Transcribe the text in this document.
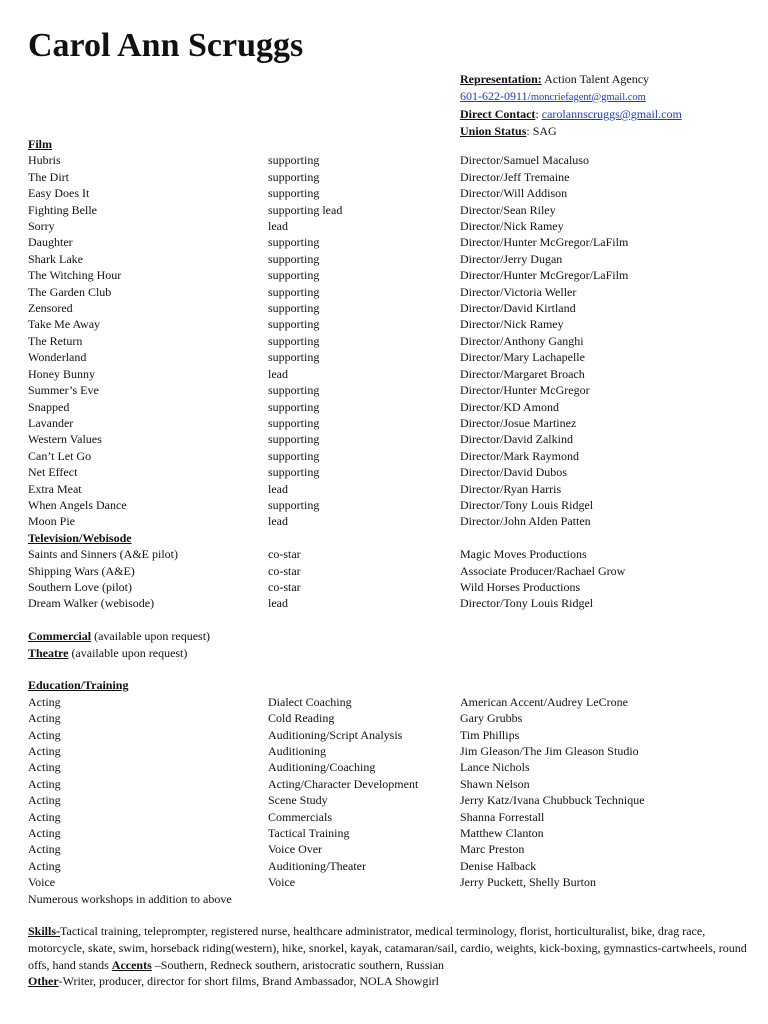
Carol Ann Scruggs
Representation: Action Talent Agency
601-622-0911/moncriefagent@gmail.com
Direct Contact: carolannscruggs@gmail.com
Union Status: SAG
Film
Hubris	supporting	Director/Samuel Macaluso
The Dirt	supporting	Director/Jeff Tremaine
Easy Does It	supporting	Director/Will Addison
Fighting Belle	supporting lead	Director/Sean Riley
Sorry	lead	Director/Nick Ramey
Daughter	supporting	Director/Hunter McGregor/LaFilm
Shark Lake	supporting	Director/Jerry Dugan
The Witching Hour	supporting	Director/Hunter McGregor/LaFilm
The Garden Club	supporting	Director/Victoria Weller
Zensored	supporting	Director/David Kirtland
Take Me Away	supporting	Director/Nick Ramey
The Return	supporting	Director/Anthony Ganghi
Wonderland	supporting	Director/Mary Lachapelle
Honey Bunny	lead	Director/Margaret Broach
Summer’s Eve	supporting	Director/Hunter McGregor
Snapped	supporting	Director/KD Amond
Lavander	supporting	Director/Josue Martinez
Western Values	supporting	Director/David Zalkind
Can’t Let Go	supporting	Director/Mark Raymond
Net Effect	supporting	Director/David Dubos
Extra Meat	lead	Director/Ryan Harris
When Angels Dance	supporting	Director/Tony Louis Ridgel
Moon Pie	lead	Director/John Alden Patten
Television/Webisode
Saints and Sinners (A&E pilot)	co-star	Magic Moves Productions
Shipping Wars (A&E)	co-star	Associate Producer/Rachael Grow
Southern Love (pilot)	co-star	Wild Horses Productions
Dream Walker (webisode)	lead	Director/Tony Louis Ridgel
Commercial (available upon request)
Theatre (available upon request)
Education/Training
Acting	Dialect Coaching	American Accent/Audrey LeCrone
Acting	Cold Reading	Gary Grubbs
Acting	Auditioning/Script Analysis	Tim Phillips
Acting	Auditioning	Jim Gleason/The Jim Gleason Studio
Acting	Auditioning/Coaching	Lance Nichols
Acting	Acting/Character Development	Shawn Nelson
Acting	Scene Study	Jerry Katz/Ivana Chubbuck Technique
Acting	Commercials	Shanna Forrestall
Acting	Tactical Training	Matthew Clanton
Acting	Voice Over	Marc Preston
Acting	Auditioning/Theater	Denise Halback
Voice	Voice	Jerry Puckett, Shelly Burton
Numerous workshops in addition to above
Skills-Tactical training, teleprompter, registered nurse, healthcare administrator, medical terminology, florist, horticulturalist, bike, drag race, motorcycle, skate, swim, horseback riding(western), hike, snorkel, kayak, catamaran/sail, cardio, weights, kick-boxing, gymnastics-cartwheels, round offs, hand stands Accents –Southern, Redneck southern, aristocratic southern, Russian
Other-Writer, producer, director for short films, Brand Ambassador, NOLA Showgirl
